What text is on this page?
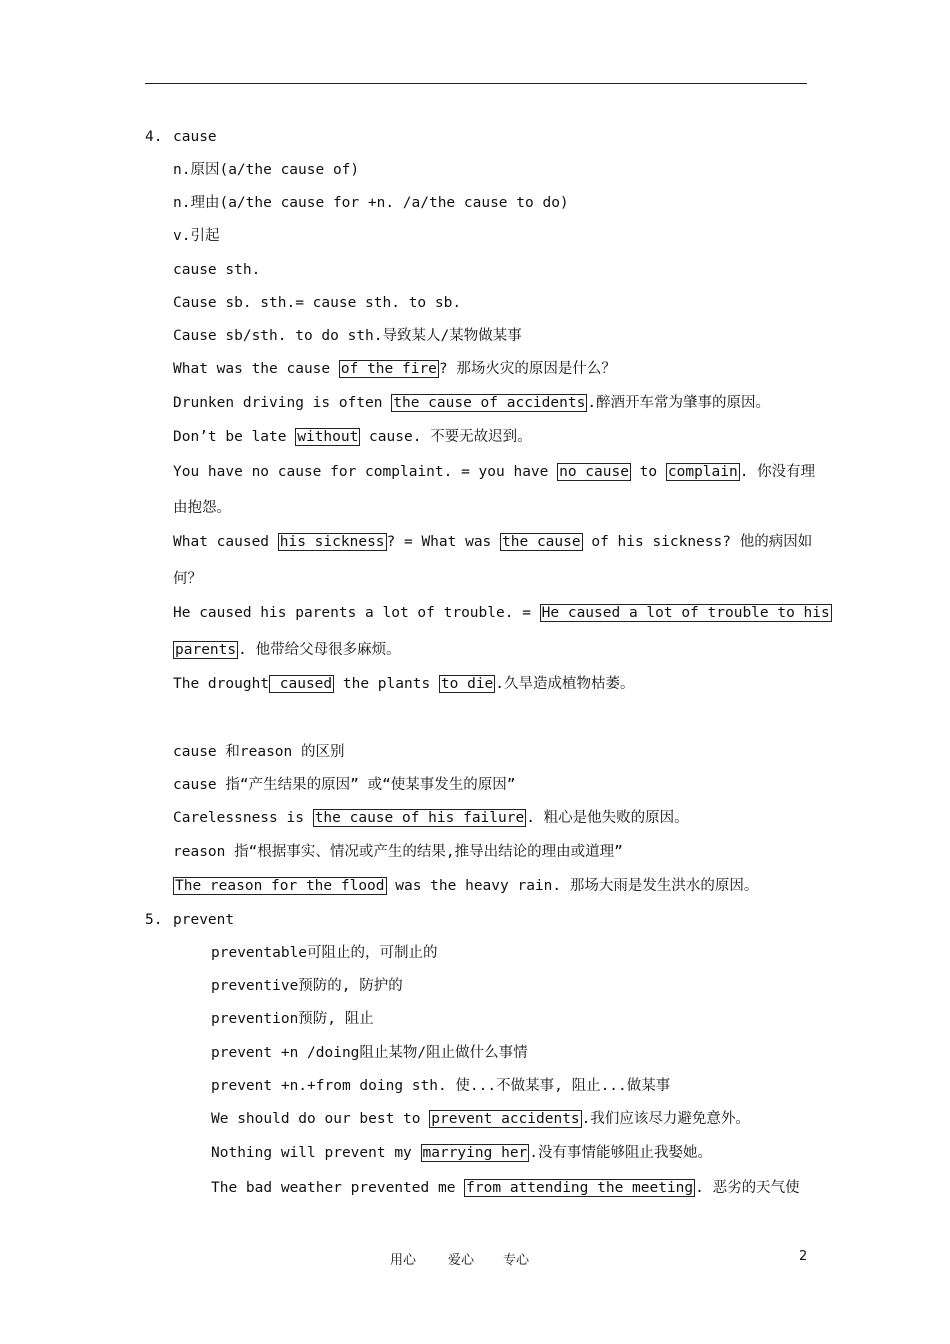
4. cause
n.原因(a/the cause of)
n.理由(a/the cause for +n. /a/the cause to do)
v.引起
cause sth.
Cause sb. sth.= cause sth. to sb.
Cause sb/sth. to do sth.导致某人/某物做某事
What was the cause of the fire ? 那场火灾的原因是什么？
Drunken driving is often the cause of accidents .醉酒开车常为肇事的原因。
Don’t be late without cause. 不要无故迟到。
You have no cause for complaint. = you have no cause to complain . 你没有理
由抱怨。
What caused his sickness ? = What was the cause of his sickness? 他的病因如
何？
He caused his parents a lot of trouble. = He caused a lot of trouble to his
parents . 他带给父母很多麻烦。
The drought caused the plants to die .久旱造成植物枯萎。
cause 和reason 的区别
cause 指“产生结果的原因” 或“使某事发生的原因”
Carelessness is the cause of his failure . 粗心是他失败的原因。
reason 指“根据事实、情况或产生的结果,推导出结论的理由或道理”
The reason for the flood was the heavy rain. 那场大雨是发生洪水的原因。
5. prevent
preventable可阻止的，可制止的
preventive预防的, 防护的
prevention预防, 阻止
prevent +n /doing阻止某物/阻止做什么事情
prevent +n.+from doing sth. 使...不做某事, 阻止...做某事
We should do our best to prevent accidents .我们应该尽力避免意外。
Nothing will prevent my marrying her .没有事情能够阻止我娶她。
The bad weather prevented me from attending the meeting . 恶劣的天气使
用心 爱心 专心	2
